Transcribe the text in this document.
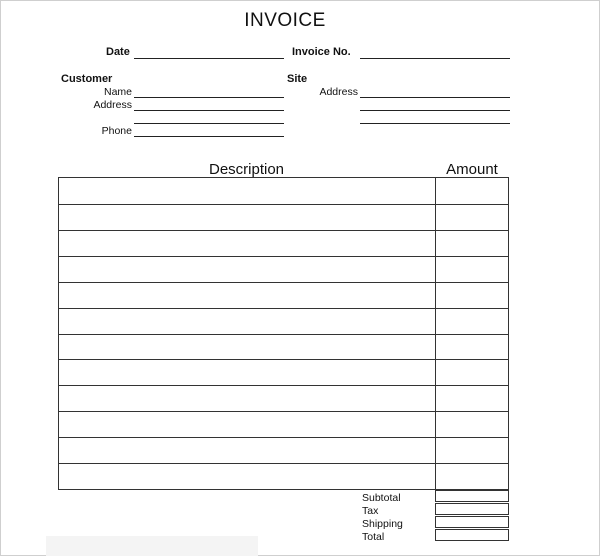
INVOICE
Date	Invoice No.
Customer
Name
Address
Phone
Site
Address
Description	Amount
Subtotal
Tax
Shipping
Total
